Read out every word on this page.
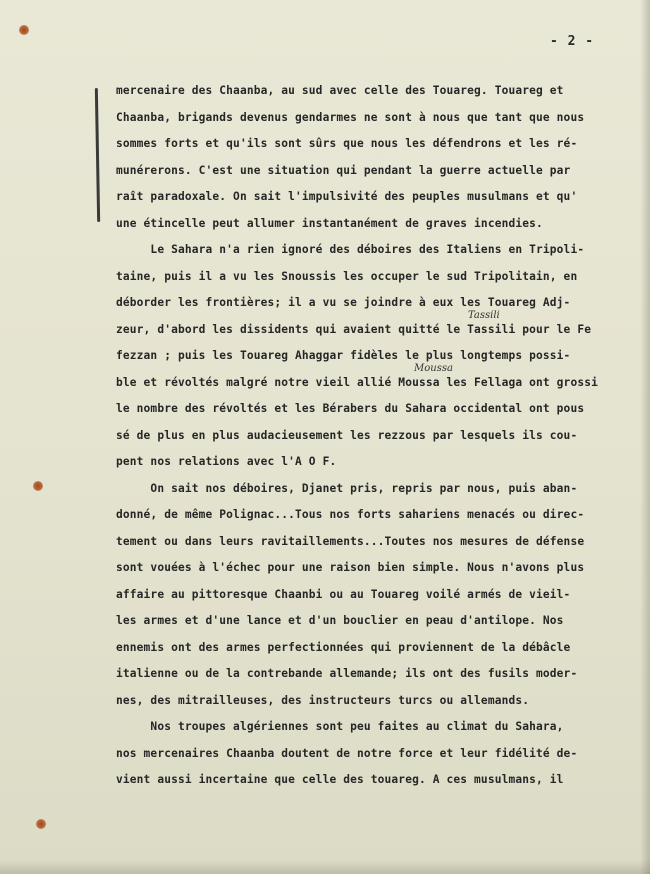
- 2 -
Tassili
Moussa
mercenaire des Chaanba, au sud avec celle des Touareg. Touareg et
Chaanba, brigands devenus gendarmes ne sont à nous que tant que nous
sommes forts et qu'ils sont sûrs que nous les défendrons et les ré-
munérerons. C'est une situation qui pendant la guerre actuelle par
raît paradoxale. On sait l'impulsivité des peuples musulmans et qu'
une étincelle peut allumer instantanément de graves incendies.
Le Sahara n'a rien ignoré des déboires des Italiens en Tripoli-
taine, puis il a vu les Snoussis les occuper le sud Tripolitain, en
déborder les frontières; il a vu se joindre à eux les Touareg Adj-
zeur, d'abord les dissidents qui avaient quitté le Tassili pour le Fe
fezzan ; puis les Touareg Ahaggar fidèles le plus longtemps possi-
ble et révoltés malgré notre vieil allié Moussa les Fellaga ont grossi
le nombre des révoltés et les Bérabers du Sahara occidental ont pous
sé de plus en plus audacieusement les rezzous par lesquels ils cou-
pent nos relations avec l'A O F.
On sait nos déboires, Djanet pris, repris par nous, puis aban-
donné, de même Polignac...Tous nos forts sahariens menacés ou direc-
tement ou dans leurs ravitaillements...Toutes nos mesures de défense
sont vouées à l'échec pour une raison bien simple. Nous n'avons plus
affaire au pittoresque Chaanbi ou au Touareg voilé armés de vieil-
les armes et d'une lance et d'un bouclier en peau d'antilope. Nos
ennemis ont des armes perfectionnées qui proviennent de la débâcle
italienne ou de la contrebande allemande; ils ont des fusils moder-
nes, des mitrailleuses, des instructeurs turcs ou allemands.
Nos troupes algériennes sont peu faites au climat du Sahara,
nos mercenaires Chaanba doutent de notre force et leur fidélité de-
vient aussi incertaine que celle des touareg. A ces musulmans, il
